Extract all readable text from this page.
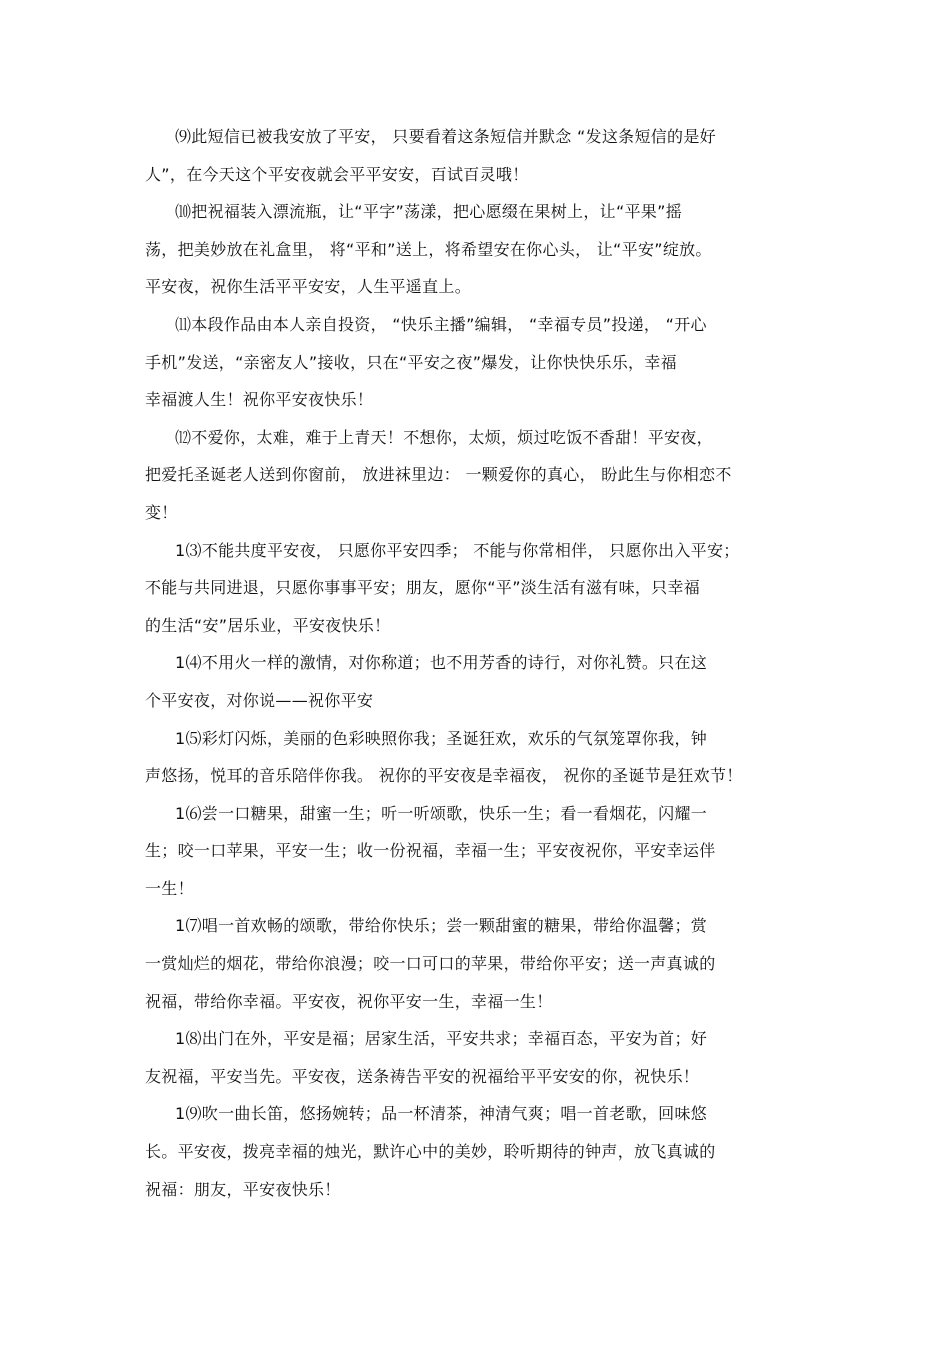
⑼此短信已被我安放了平安， 只要看着这条短信并默念 “发这条短信的是好
人”，在今天这个平安夜就会平平安安，百试百灵哦！
⑽把祝福装入漂流瓶，让“平字”荡漾，把心愿缀在果树上，让“平果”摇
荡，把美妙放在礼盒里， 将“平和”送上，将希望安在你心头， 让“平安”绽放。
平安夜，祝你生活平平安安，人生平遥直上。
⑾本段作品由本人亲自投资， “快乐主播”编辑， “幸福专员”投递， “开心
手机”发送，“亲密友人”接收，只在“平安之夜”爆发，让你快快乐乐，幸福
幸福渡人生！祝你平安夜快乐！
⑿不爱你，太难，难于上青天！不想你，太烦，烦过吃饭不香甜！平安夜，
把爱托圣诞老人送到你窗前， 放进袜里边： 一颗爱你的真心， 盼此生与你相恋不
变！
1⑶不能共度平安夜， 只愿你平安四季； 不能与你常相伴， 只愿你出入平安；
不能与共同进退，只愿你事事平安；朋友，愿你“平”淡生活有滋有味，只幸福
的生活“安”居乐业，平安夜快乐！
1⑷不用火一样的激情，对你称道；也不用芳香的诗行，对你礼赞。只在这
个平安夜，对你说——祝你平安
1⑸彩灯闪烁，美丽的色彩映照你我；圣诞狂欢，欢乐的气氛笼罩你我，钟
声悠扬，悦耳的音乐陪伴你我。 祝你的平安夜是幸福夜， 祝你的圣诞节是狂欢节！
1⑹尝一口糖果，甜蜜一生；听一听颂歌，快乐一生；看一看烟花，闪耀一
生；咬一口苹果，平安一生；收一份祝福，幸福一生；平安夜祝你，平安幸运伴
一生！
1⑺唱一首欢畅的颂歌，带给你快乐；尝一颗甜蜜的糖果，带给你温馨；赏
一赏灿烂的烟花，带给你浪漫；咬一口可口的苹果，带给你平安；送一声真诚的
祝福，带给你幸福。平安夜，祝你平安一生，幸福一生！
1⑻出门在外，平安是福；居家生活，平安共求；幸福百态，平安为首；好
友祝福，平安当先。平安夜，送条祷告平安的祝福给平平安安的你，祝快乐！
1⑼吹一曲长笛，悠扬婉转；品一杯清茶，神清气爽；唱一首老歌，回味悠
长。平安夜，拨亮幸福的烛光，默许心中的美妙，聆听期待的钟声，放飞真诚的
祝福：朋友，平安夜快乐！
